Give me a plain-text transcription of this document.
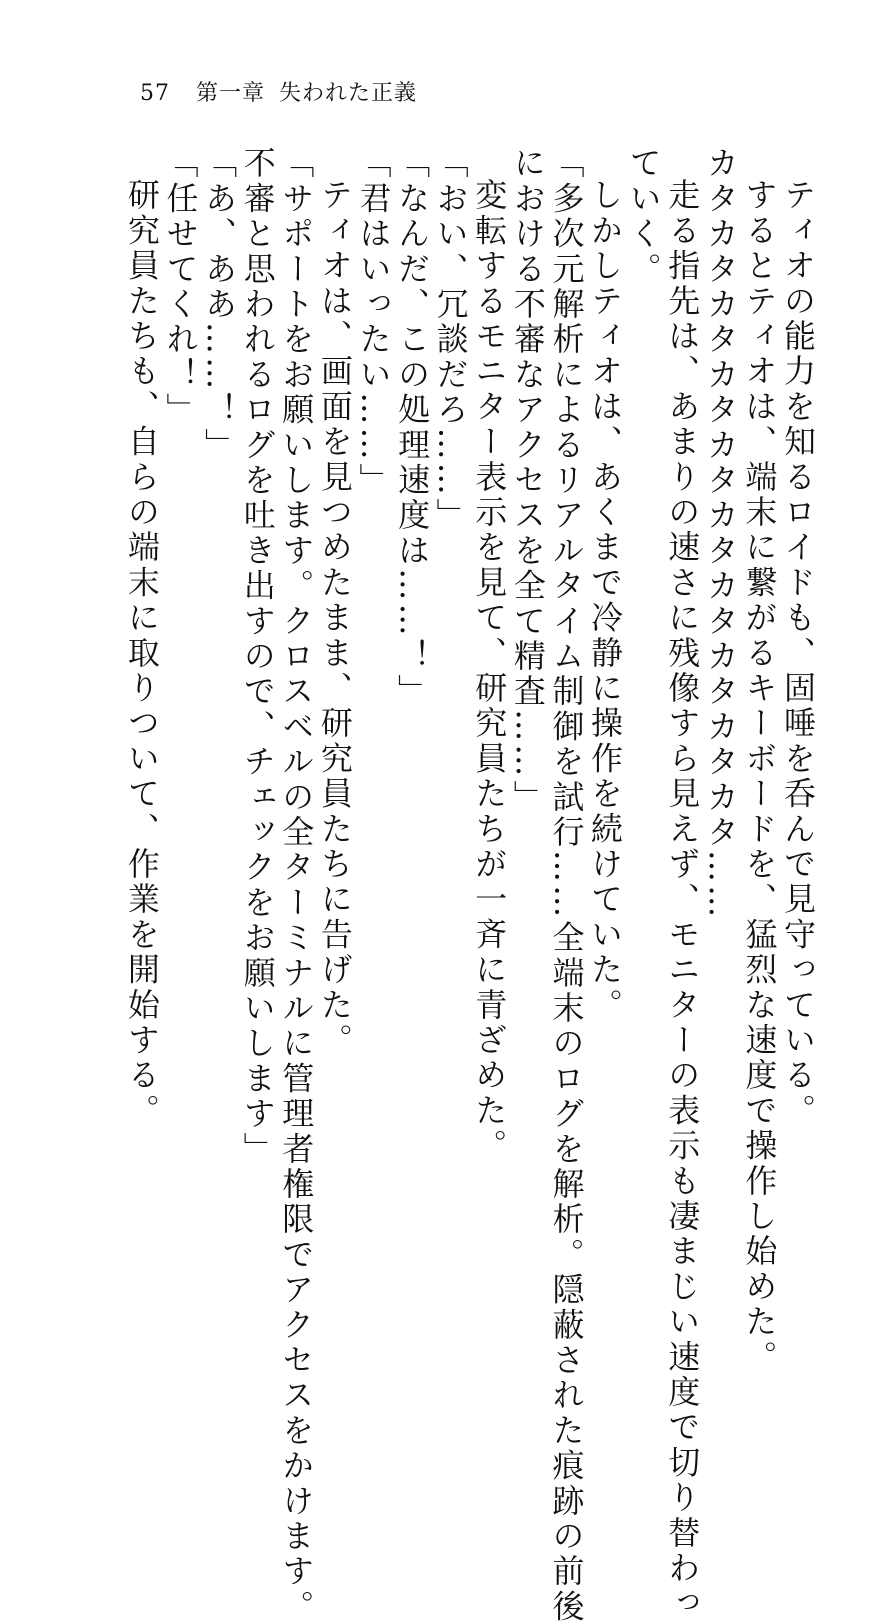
57 第一章 失われた正義
ティオの能力を知るロイドも、固唾を呑んで見守っている。
するとティオは、端末に繋がるキーボードを、猛烈な速度で操作し始めた。
カタカタカタカタカタカタカタカタカタカタ……
走る指先は、あまりの速さに残像すら見えず、モニターの表示も凄まじい速度で切り替わっ
ていく。
しかしティオは、あくまで冷静に操作を続けていた。
「多次元解析によるリアルタイム制御を試行……全端末のログを解析。隠蔽された痕跡の前後
における不審なアクセスを全て精査……」
変転するモニター表示を見て、研究員たちが一斉に青ざめた。
「おい、冗談だろ……」
「なんだ、この処理速度は……！」
「君はいったい……」
ティオは、画面を見つめたまま、研究員たちに告げた。
「サポートをお願いします。クロスベルの全ターミナルに管理者権限でアクセスをかけます。
不審と思われるログを吐き出すので、チェックをお願いします」
「あ、ああ……！」
「任せてくれ！」
研究員たちも、自らの端末に取りついて、作業を開始する。
